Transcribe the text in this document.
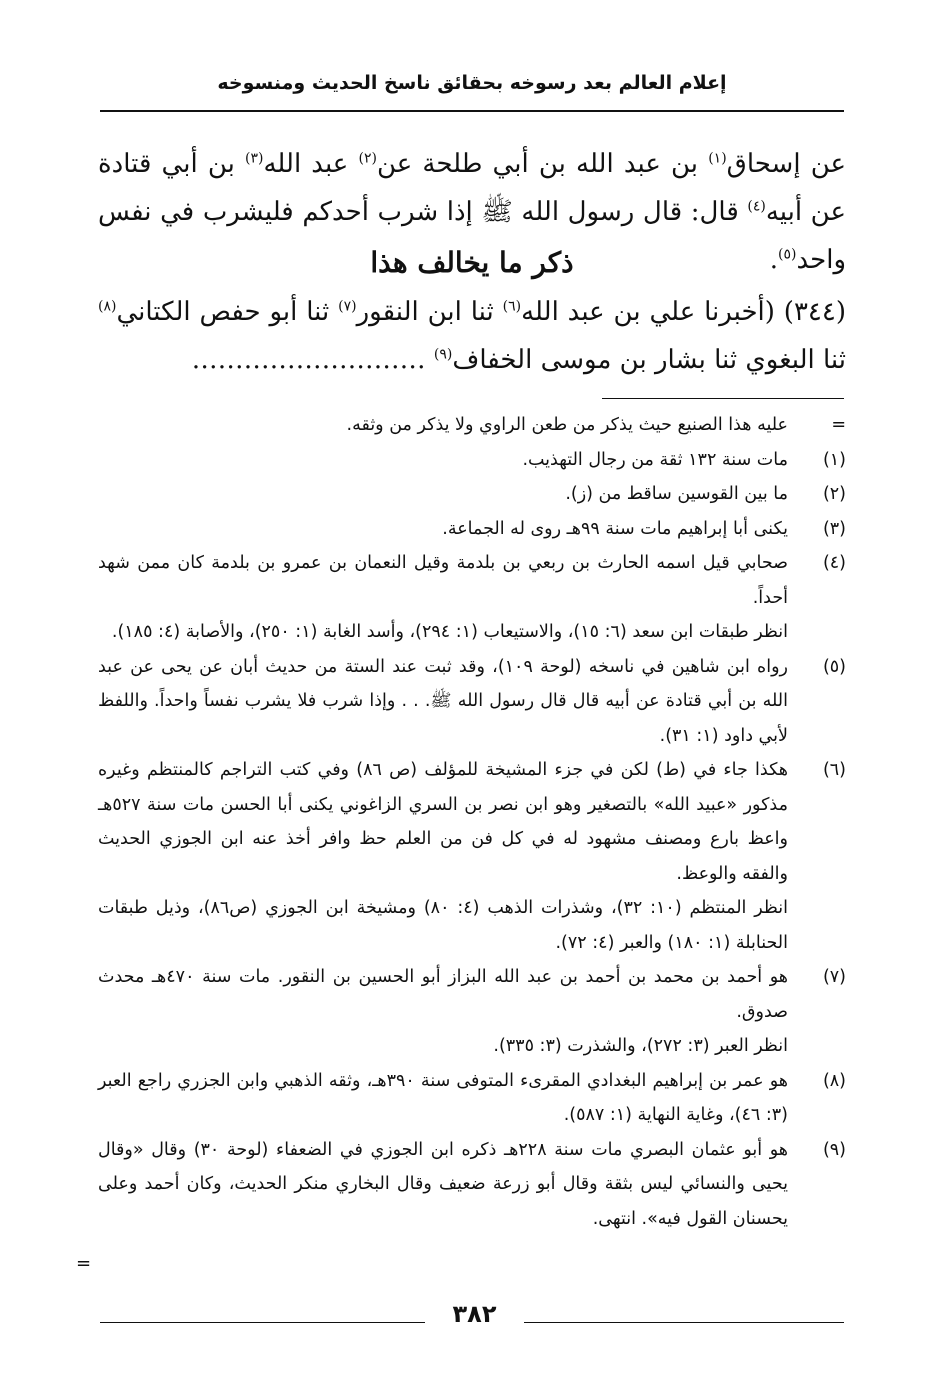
إعلام العالم بعد رسوخه بحقائق ناسخ الحديث ومنسوخه
عن إسحاق$^{(١)}$ بن عبد الله بن أبي طلحة عن$^{(٢)}$ عبد الله$^{(٣)}$ بن أبي قتادة عن أبيه$^{(٤)}$ قال: قال رسول الله ﷺ إذا شرب أحدكم فليشرب في نفس واحد$^{(٥)}$.
ذكر ما يخالف هذا
(٣٤٤) (أخبرنا علي بن عبد الله$^{(٦)}$ ثنا ابن النقور$^{(٧)}$ ثنا أبو حفص الكتاني$^{(٨)}$ ثنا البغوي ثنا بشار بن موسى الخفاف$^{(٩)}$ ………………………
=
عليه هذا الصنيع حيث يذكر من طعن الراوي ولا يذكر من وثقه.
(١)
مات سنة ١٣٢ ثقة من رجال التهذيب.
(٢)
ما بين القوسين ساقط من (ز).
(٣)
يكنى أبا إبراهيم مات سنة ٩٩هـ روى له الجماعة.
(٤)
صحابي قيل اسمه الحارث بن ربعي بن بلدمة وقيل النعمان بن عمرو بن بلدمة كان ممن شهد أحداً.
انظر طبقات ابن سعد (٦: ١٥)، والاستيعاب (١: ٢٩٤)، وأسد الغابة (١: ٢٥٠)، والأصابة (٤: ١٨٥).
(٥)
رواه ابن شاهين في ناسخه (لوحة ١٠٩)، وقد ثبت عند الستة من حديث أبان عن يحى عن عبد الله بن أبي قتادة عن أبيه قال قال رسول الله ﷺ. . . وإذا شرب فلا يشرب نفساً واحداً. واللفظ لأبي داود (١: ٣١).
(٦)
هكذا جاء في (ط) لكن في جزء المشيخة للمؤلف (ص ٨٦) وفي كتب التراجم كالمنتظم وغيره مذكور «عبيد الله» بالتصغير وهو ابن نصر بن السري الزاغوني يكنى أبا الحسن مات سنة ٥٢٧هـ واعظ بارع ومصنف مشهود له في كل فن من العلم حظ وافر أخذ عنه ابن الجوزي الحديث والفقه والوعظ.
انظر المنتظم (١٠: ٣٢)، وشذرات الذهب (٤: ٨٠) ومشيخة ابن الجوزي (ص٨٦)، وذيل طبقات الحنابلة (١: ١٨٠) والعبر (٤: ٧٢).
(٧)
هو أحمد بن محمد بن أحمد بن عبد الله البزاز أبو الحسين بن النقور. مات سنة ٤٧٠هـ محدث صدوق.
انظر العبر (٣: ٢٧٢)، والشذرت (٣: ٣٣٥).
(٨)
هو عمر بن إبراهيم البغدادي المقرىء المتوفى سنة ٣٩٠هـ، وثقه الذهبي وابن الجزري راجع العبر (٣: ٤٦)، وغاية النهاية (١: ٥٨٧).
(٩)
هو أبو عثمان البصري مات سنة ٢٢٨هـ ذكره ابن الجوزي في الضعفاء (لوحة ٣٠) وقال «وقال يحيى والنسائي ليس بثقة وقال أبو زرعة ضعيف وقال البخاري منكر الحديث، وكان أحمد وعلى يحسنان القول فيه». انتهى.
=
٣٨٢
